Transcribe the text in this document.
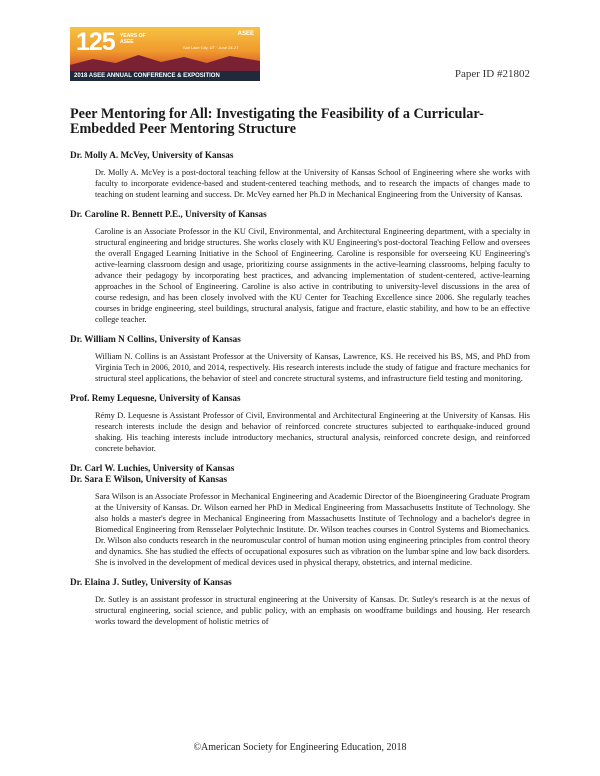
125 YEARS OF ASEE
Salt Lake City, UT · June 24-27
ASEE
2018 ASEE ANNUAL CONFERENCE & EXPOSITION	Paper ID #21802
Peer Mentoring for All: Investigating the Feasibility of a Curricular-Embedded Peer Mentoring Structure

Dr. Molly A. McVey, University of Kansas

Dr. Molly A. McVey is a post-doctoral teaching fellow at the University of Kansas School of Engineering where she works with faculty to incorporate evidence-based and student-centered teaching methods, and to research the impacts of changes made to teaching on student learning and success. Dr. McVey earned her Ph.D in Mechanical Engineering from the University of Kansas.

Dr. Caroline R. Bennett P.E., University of Kansas

Caroline is an Associate Professor in the KU Civil, Environmental, and Architectural Engineering department, with a specialty in structural engineering and bridge structures. She works closely with KU Engineering's post-doctoral Teaching Fellow and oversees the overall Engaged Learning Initiative in the School of Engineering. Caroline is responsible for overseeing KU Engineering's active-learning classroom design and usage, prioritizing course assignments in the active-learning classrooms, helping faculty to advance their pedagogy by incorporating best practices, and advancing implementation of student-centered, active-learning approaches in the School of Engineering. Caroline is also active in contributing to university-level discussions in the area of course redesign, and has been closely involved with the KU Center for Teaching Excellence since 2006. She regularly teaches courses in bridge engineering, steel buildings, structural analysis, fatigue and fracture, elastic stability, and how to be an effective college teacher.

Dr. William N Collins, University of Kansas

William N. Collins is an Assistant Professor at the University of Kansas, Lawrence, KS. He received his BS, MS, and PhD from Virginia Tech in 2006, 2010, and 2014, respectively. His research interests include the study of fatigue and fracture mechanics for structural steel applications, the behavior of steel and concrete structural systems, and infrastructure field testing and monitoring.

Prof. Remy Lequesne, University of Kansas

Rémy D. Lequesne is Assistant Professor of Civil, Environmental and Architectural Engineering at the University of Kansas. His research interests include the design and behavior of reinforced concrete structures subjected to earthquake-induced ground shaking. His teaching interests include introductory mechanics, structural analysis, reinforced concrete design, and reinforced concrete behavior.

Dr. Carl W. Luchies, University of Kansas

Dr. Sara E Wilson, University of Kansas

Sara Wilson is an Associate Professor in Mechanical Engineering and Academic Director of the Bioengineering Graduate Program at the University of Kansas. Dr. Wilson earned her PhD in Medical Engineering from Massachusetts Institute of Technology. She also holds a master's degree in Mechanical Engineering from Massachusetts Institute of Technology and a bachelor's degree in Biomedical Engineering from Rensselaer Polytechnic Institute. Dr. Wilson teaches courses in Control Systems and Biomechanics. Dr. Wilson also conducts research in the neuromuscular control of human motion using engineering principles from control theory and dynamics. She has studied the effects of occupational exposures such as vibration on the lumbar spine and low back disorders. She is involved in the development of medical devices used in physical therapy, obstetrics, and internal medicine.

Dr. Elaina J. Sutley, University of Kansas

Dr. Sutley is an assistant professor in structural engineering at the University of Kansas. Dr. Sutley's research is at the nexus of structural engineering, social science, and public policy, with an emphasis on woodframe buildings and housing. Her research works toward the development of holistic metrics of

©American Society for Engineering Education, 2018
